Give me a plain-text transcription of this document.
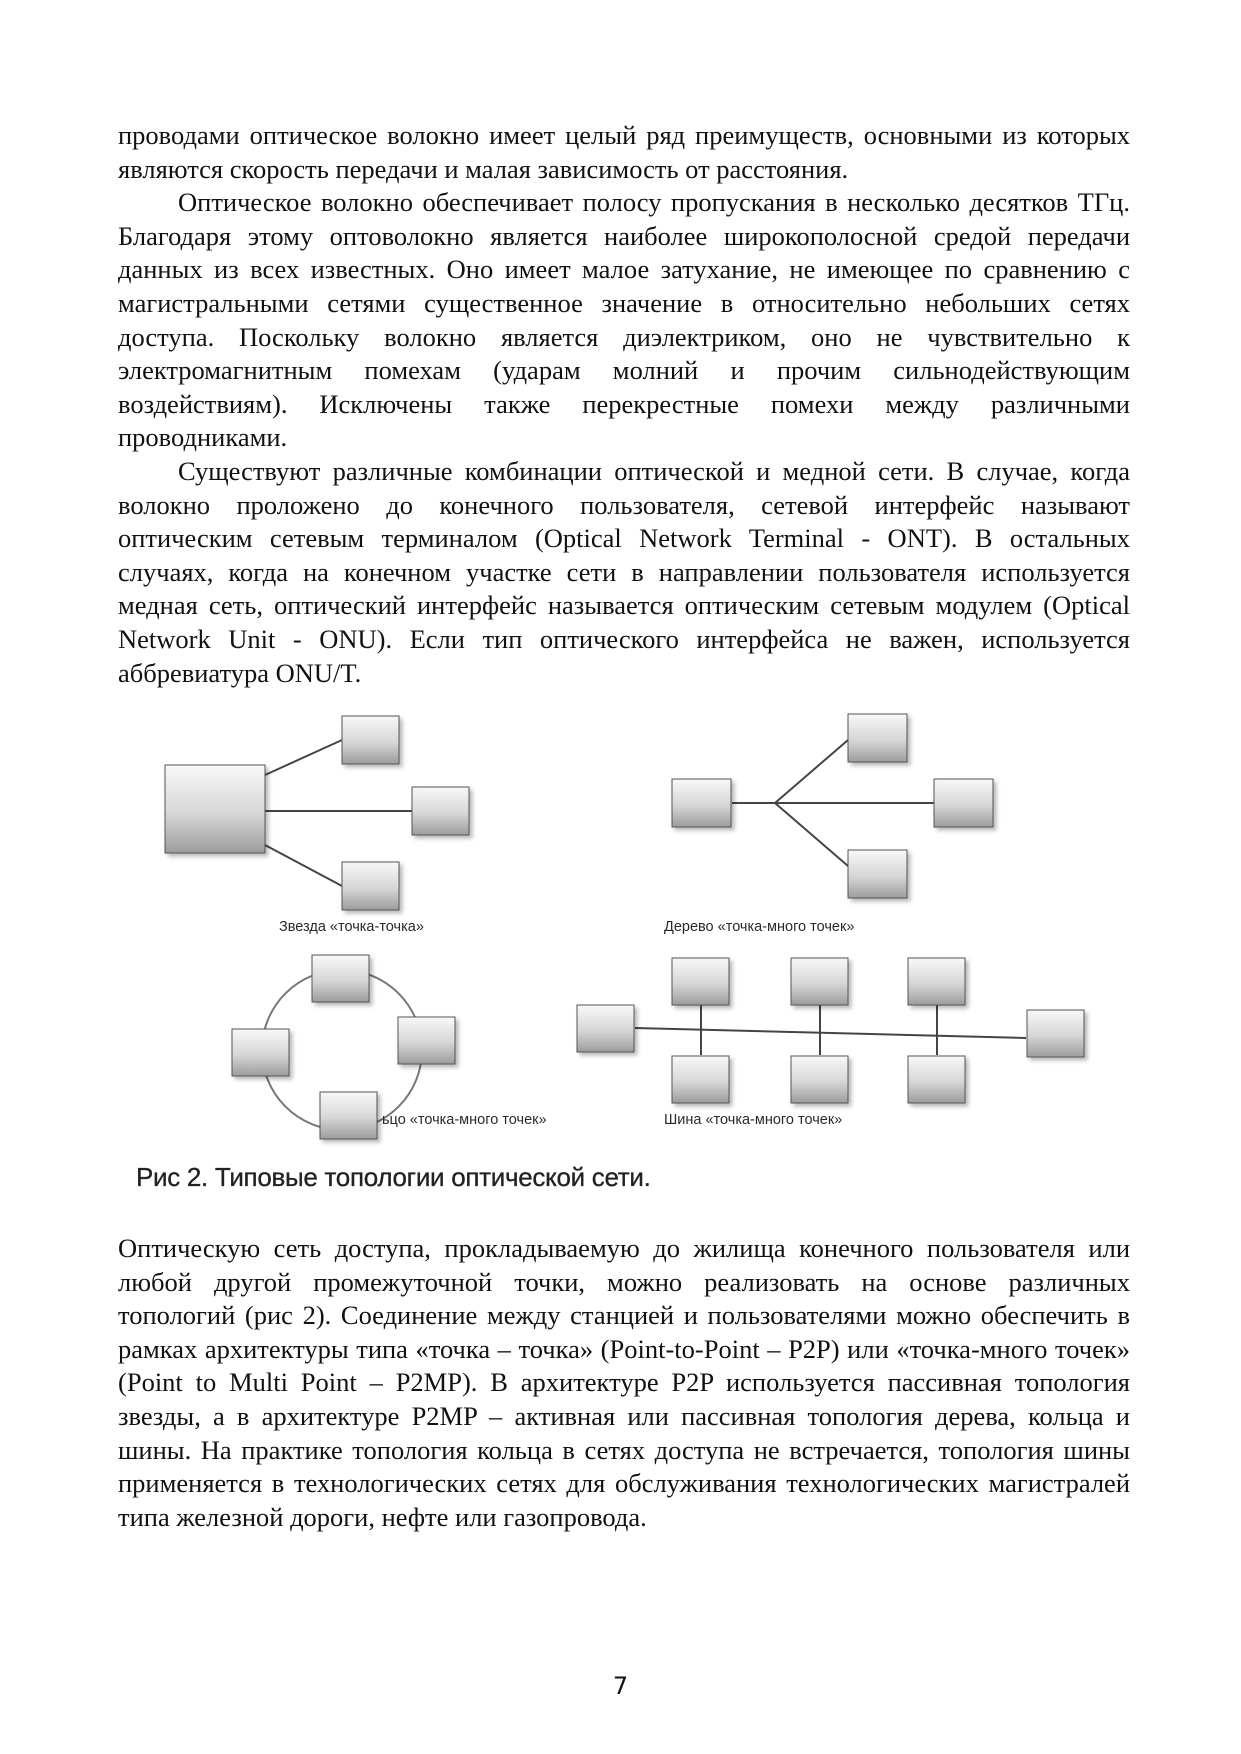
проводами оптическое волокно имеет целый ряд преимуществ, основными из которых являются скорость передачи и малая зависимость от расстояния.

Оптическое волокно обеспечивает полосу пропускания в несколько десятков ТГц. Благодаря этому оптоволокно является наиболее широкополосной средой передачи данных из всех известных. Оно имеет малое затухание, не имеющее по сравнению с магистральными сетями существенное значение в относительно небольших сетях доступа. Поскольку волокно является диэлектриком, оно не чувствительно к электромагнитным помехам (ударам молний и прочим сильнодействующим воздействиям). Исключены также перекрестные помехи между различными проводниками.

Существуют различные комбинации оптической и медной сети. В случае, когда волокно проложено до конечного пользователя, сетевой интерфейс называют оптическим сетевым терминалом (Optical Network Terminal - ONT). В остальных случаях, когда на конечном участке сети в направлении пользователя используется медная сеть, оптический интерфейс называется оптическим сетевым модулем (Optical Network Unit - ONU). Если тип оптического интерфейса не важен, используется аббревиатура ONU/T.

Звезда «точка-точка»	Дерево «точка-много точек»
ьцо «точка-много точек»	Шина «точка-много точек»
Рис 2. Типовые топологии оптической сети.

Оптическую сеть доступа, прокладываемую до жилища конечного пользователя или любой другой промежуточной точки, можно реализовать на основе различных топологий (рис 2). Соединение между станцией и пользователями можно обеспечить в рамках архитектуры типа «точка – точка» (Point-to-Point – P2P) или «точка-много точек» (Point to Multi Point – P2MP). В архитектуре P2P используется пассивная топология звезды, а в архитектуре P2MP – активная или пассивная топология дерева, кольца и шины. На практике топология кольца в сетях доступа не встречается, топология шины применяется в технологических сетях для обслуживания технологических магистралей типа железной дороги, нефте или газопровода.

7
